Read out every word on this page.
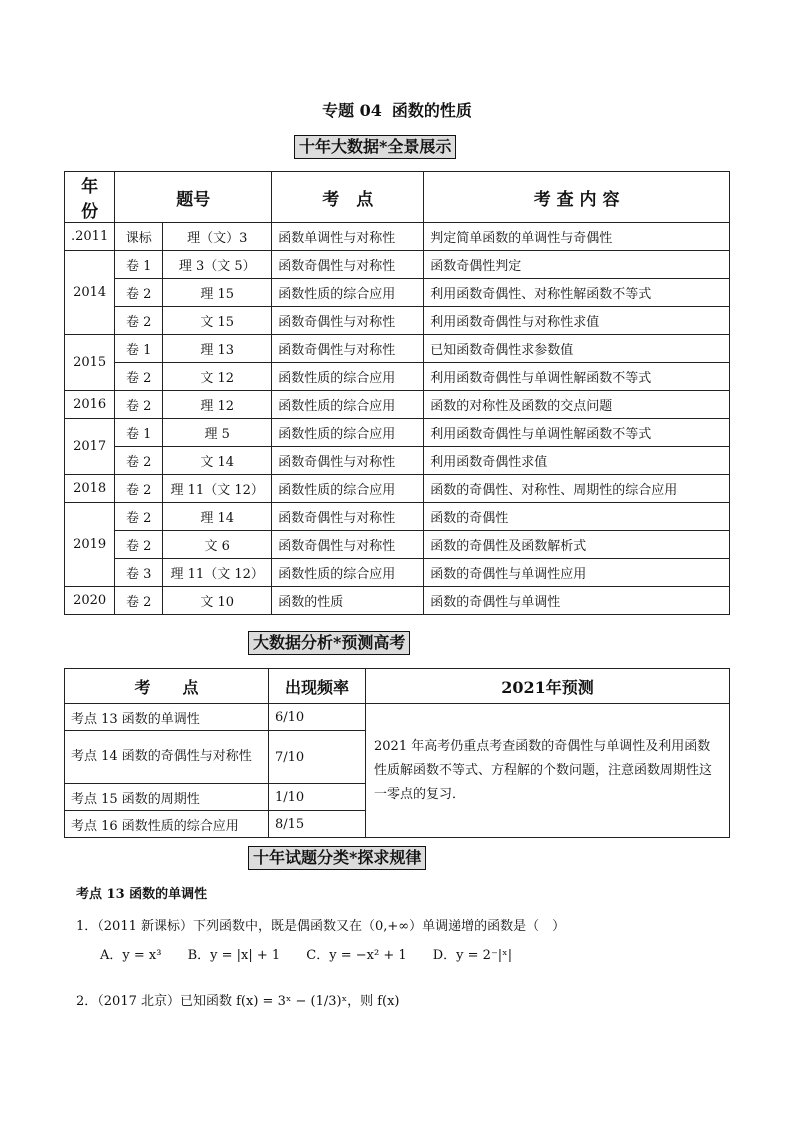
专题 04 函数的性质
十年大数据*全景展示
年　份	题号		考　点	考 查 内 容
.2011	课标	理（文）3	函数单调性与对称性	判定简单函数的单调性与奇偶性
2014	卷 1	理 3（文 5）	函数奇偶性与对称性	函数奇偶性判定
	卷 2	理 15	函数性质的综合应用	利用函数奇偶性、对称性解函数不等式
	卷 2	文 15	函数奇偶性与对称性	利用函数奇偶性与对称性求值
2015	卷 1	理 13	函数奇偶性与对称性	已知函数奇偶性求参数值
	卷 2	文 12	函数性质的综合应用	利用函数奇偶性与单调性解函数不等式
2016	卷 2	理 12	函数性质的综合应用	函数的对称性及函数的交点问题
2017	卷 1	理 5	函数性质的综合应用	利用函数奇偶性与单调性解函数不等式
	卷 2	文 14	函数奇偶性与对称性	利用函数奇偶性求值
2018	卷 2	理 11（文 12）	函数性质的综合应用	函数的奇偶性、对称性、周期性的综合应用
2019	卷 2	理 14	函数奇偶性与对称性	函数的奇偶性
	卷 2	文 6	函数奇偶性与对称性	函数的奇偶性及函数解析式
	卷 3	理 11（文 12）	函数性质的综合应用	函数的奇偶性与单调性应用
2020	卷 2	文 10	函数的性质	函数的奇偶性与单调性
大数据分析*预测高考
考　　点	出现频率	2021年预测
考点 13 函数的单调性	6/10	2021 年高考仍重点考查函数的奇偶性与单调性及利用函数性质解函数不等式、方程解的个数问题，注意函数周期性这一零点的复习．
考点 14 函数的奇偶性与对称性	7/10	
考点 15 函数的周期性	1/10	
考点 16 函数性质的综合应用	8/15	
十年试题分类*探求规律
考点 13 函数的单调性
1．（2011 新课标）下列函数中，既是偶函数又在（0,+∞）单调递增的函数是（　）
A．y = x³ B．y = |x| + 1 C．y = −x² + 1 D．y = 2⁻|ˣ|
2．（2017 北京）已知函数 f(x) = 3ˣ − (1/3)ˣ，则 f(x)
